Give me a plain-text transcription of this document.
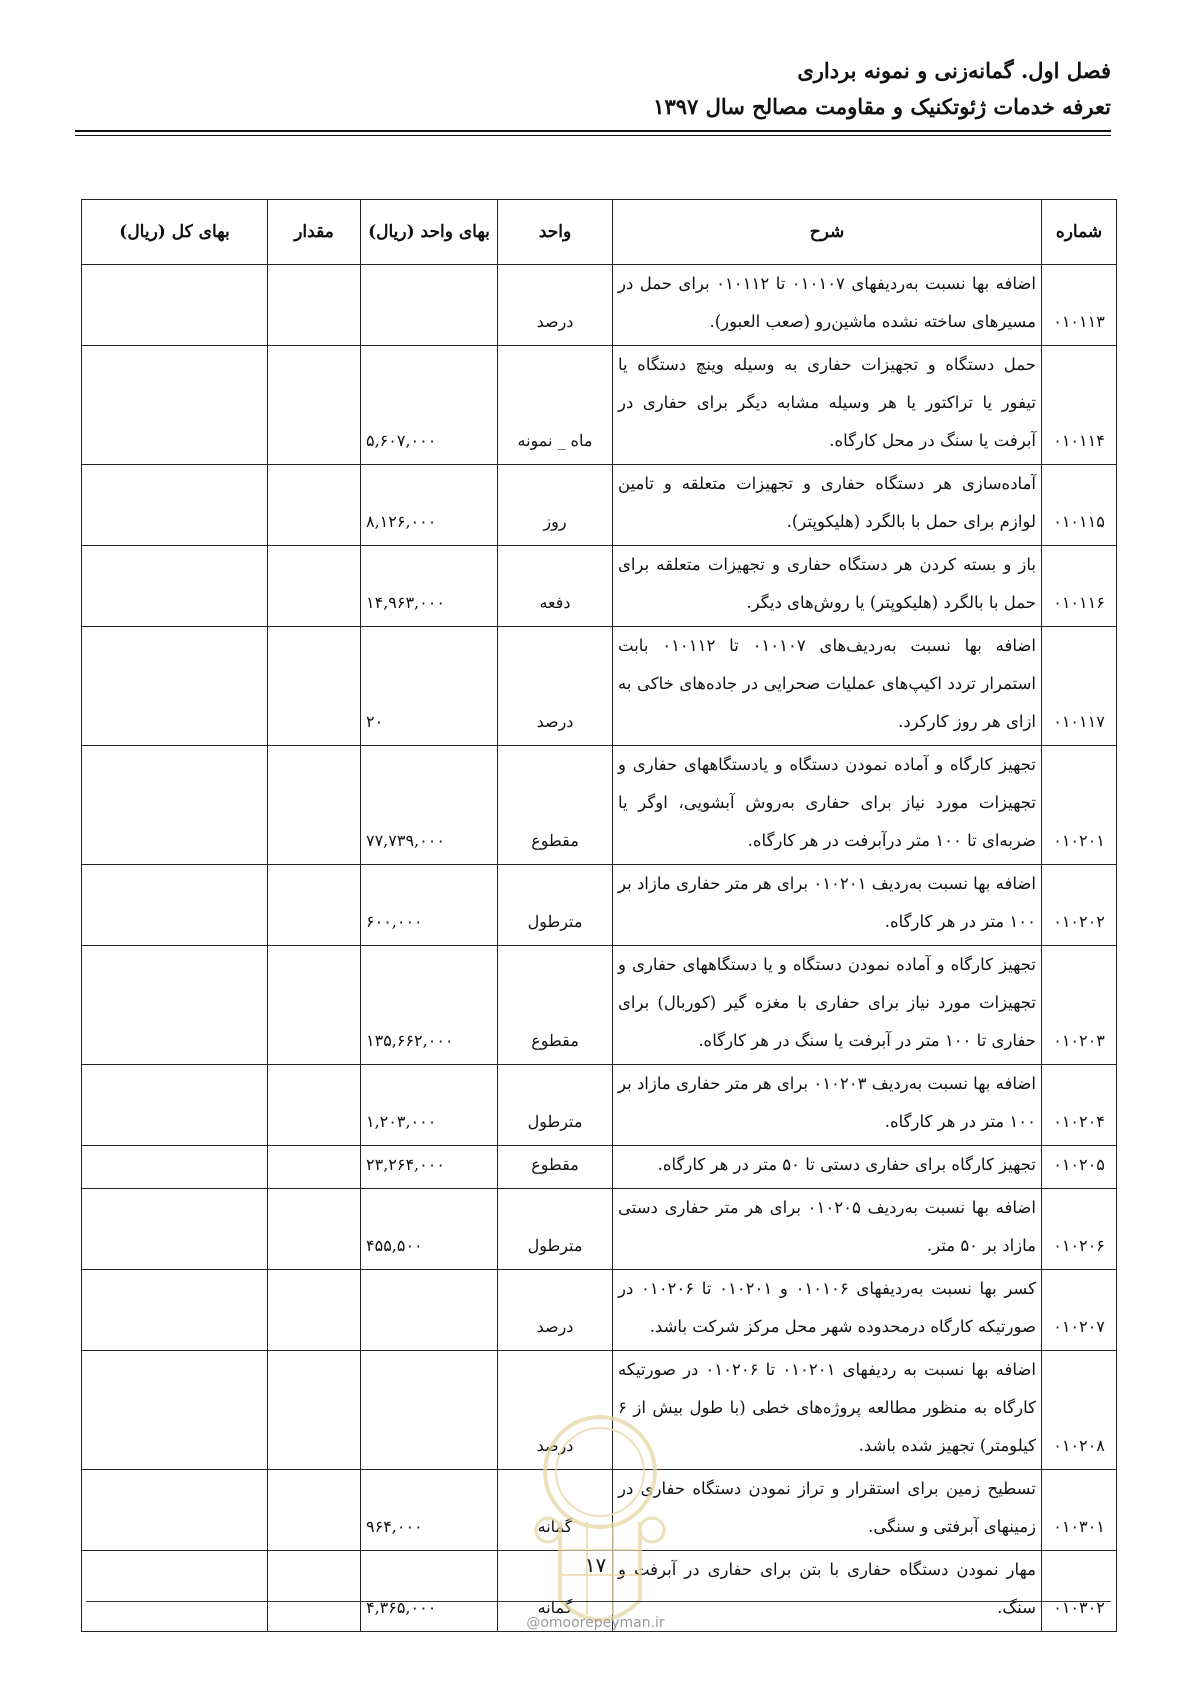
فصل اول. گمانه‌زنی و نمونه برداری
تعرفه خدمات ژئوتکنیک و مقاومت مصالح سال ۱۳۹۷
شماره	شرح	واحد	بهای واحد (ریال)	مقدار	بهای کل (ریال)
۰۱۰۱۱۳	اضافه بها نسبت به‌ردیفهای ۰۱۰۱۰۷ تا ۰۱۰۱۱۲ برای حمل در مسیرهای ساخته نشده ماشین‌رو (صعب العبور).	درصد			
۰۱۰۱۱۴	حمل دستگاه و تجهیزات حفاری به وسیله وینچ دستگاه یا تیفور یا تراکتور یا هر وسیله مشابه دیگر برای حفاری در آبرفت یا سنگ در محل کارگاه.	ماه _ نمونه	۵,۶۰۷,۰۰۰		
۰۱۰۱۱۵	آماده‌سازی هر دستگاه حفاری و تجهیزات متعلقه و تامین لوازم برای حمل با بالگرد (هلیکوپتر).	روز	۸,۱۲۶,۰۰۰		
۰۱۰۱۱۶	باز و بسته کردن هر دستگاه حفاری و تجهیزات متعلقه برای حمل با بالگرد (هلیکوپتر) یا روش‌های دیگر.	دفعه	۱۴,۹۶۳,۰۰۰		
۰۱۰۱۱۷	اضافه بها نسبت به‌ردیف‌های ۰۱۰۱۰۷ تا ۰۱۰۱۱۲ بابت استمرار تردد اکیپ‌های عملیات صحرایی در جاده‌های خاکی به ازای هر روز کارکرد.	درصد	۲۰		
۰۱۰۲۰۱	تجهیز کارگاه و آماده نمودن دستگاه و یادستگاههای حفاری و تجهیزات مورد نیاز برای حفاری به‌روش آبشویی، اوگر یا ضربه‌ای تا ۱۰۰ متر درآبرفت در هر کارگاه.	مقطوع	۷۷,۷۳۹,۰۰۰		
۰۱۰۲۰۲	اضافه بها نسبت به‌ردیف ۰۱۰۲۰۱ برای هر متر حفاری مازاد بر ۱۰۰ متر در هر کارگاه.	مترطول	۶۰۰,۰۰۰		
۰۱۰۲۰۳	تجهیز کارگاه و آماده نمودن دستگاه و یا دستگاههای حفاری و تجهیزات مورد نیاز برای حفاری با مغزه گیر (کوربال) برای حفاری تا ۱۰۰ متر در آبرفت یا سنگ در هر کارگاه.	مقطوع	۱۳۵,۶۶۲,۰۰۰		
۰۱۰۲۰۴	اضافه بها نسبت به‌ردیف ۰۱۰۲۰۳ برای هر متر حفاری مازاد بر ۱۰۰ متر در هر کارگاه.	مترطول	۱,۲۰۳,۰۰۰		
۰۱۰۲۰۵	تجهیز کارگاه برای حفاری دستی تا ۵۰ متر در هر کارگاه.	مقطوع	۲۳,۲۶۴,۰۰۰		
۰۱۰۲۰۶	اضافه بها نسبت به‌ردیف ۰۱۰۲۰۵ برای هر متر حفاری دستی مازاد بر ۵۰ متر.	مترطول	۴۵۵,۵۰۰		
۰۱۰۲۰۷	کسر بها نسبت به‌ردیفهای ۰۱۰۱۰۶ و ۰۱۰۲۰۱ تا ۰۱۰۲۰۶ در صورتیکه کارگاه درمحدوده شهر محل مرکز شرکت باشد.	درصد			
۰۱۰۲۰۸	اضافه بها نسبت به ردیفهای ۰۱۰۲۰۱ تا ۰۱۰۲۰۶ در صورتیکه کارگاه به منظور مطالعه پروژه‌های خطی (با طول بیش از ۶ کیلومتر) تجهیز شده باشد.	درصد			
۰۱۰۳۰۱	تسطیح زمین برای استقرار و تراز نمودن دستگاه حفاری در زمینهای آبرفتی و سنگی.	گمانه	۹۶۴,۰۰۰		
۰۱۰۳۰۲	مهار نمودن دستگاه حفاری با بتن برای حفاری در آبرفت و سنگ.	گمانه	۴,۳۶۵,۰۰۰		
۱۷
@omoorepeyman.ir
